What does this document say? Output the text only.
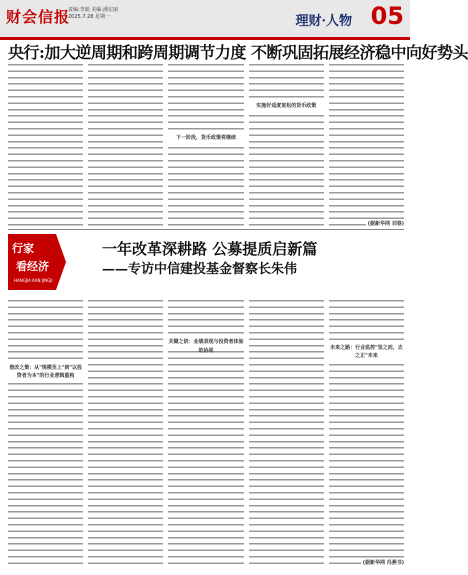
财会信报
责编:李娟 美编:潘宏丽
2025.7.28 星期一	理财·人物 05
央行:加大逆周期和跨周期调节力度 不断巩固拓展经济稳中向好势头
下一阶段，货币政策将继续
实施好适度宽松的货币政策
(据新华网 刘春)
行家
看经济
HANGJIA KAN JINGJI
一年改革深耕路 公募提质启新篇
——专访中信建投基金督察长朱伟
借改之策：从"规模至上"到"以投资者为本"的行业逻辑重构
关键之钥：业绩表现与投资者体验的协同	未来之路：行业监控"坚之而，去之正"未来
(据新华网 冯燕书)
